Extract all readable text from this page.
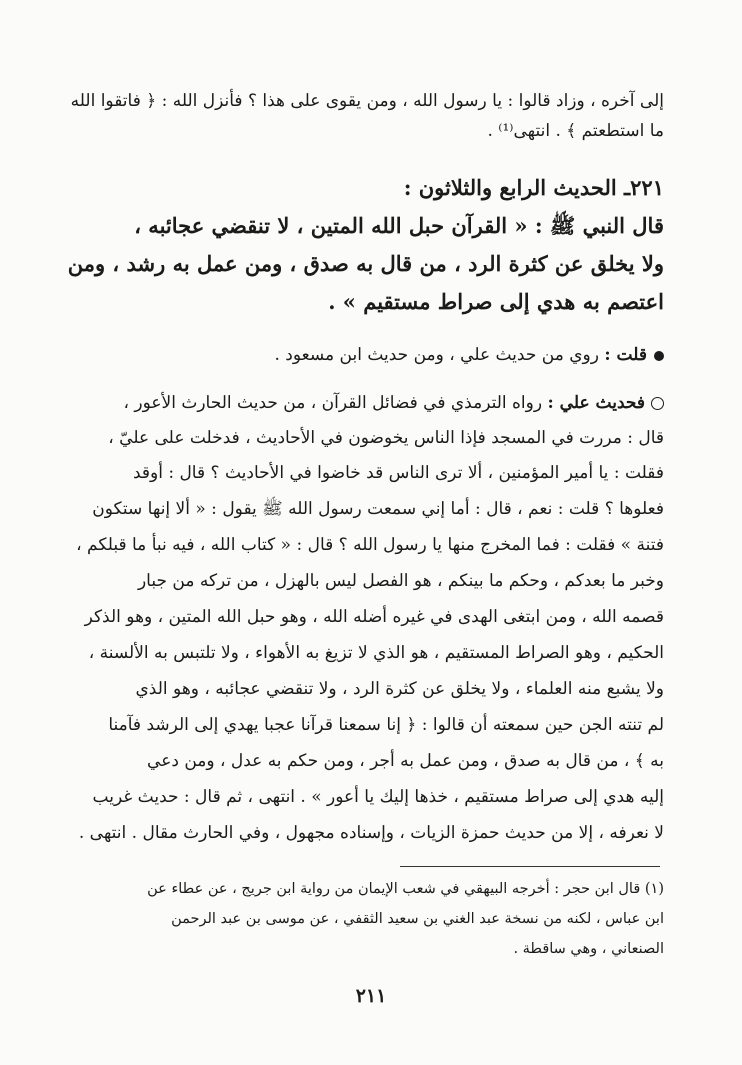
إلى آخره ، وزاد قالوا : يا رسول الله ، ومن يقوى على هذا ؟ فأنزل الله : ﴿ فاتقوا الله
ما استطعتم ﴾ . انتهى⁽¹⁾ .
٢٢١ـ الحديث الرابع والثلاثون :
قال النبي ﷺ : « القرآن حبل الله المتين ، لا تنقضي عجائبه ،
ولا يخلق عن كثرة الرد ، من قال به صدق ، ومن عمل به رشد ، ومن
اعتصم به هدي إلى صراط مستقيم » .
قلت : روي من حديث علي ، ومن حديث ابن مسعود .
فحديث علي : رواه الترمذي في فضائل القرآن ، من حديث الحارث الأعور ،
قال : مررت في المسجد فإذا الناس يخوضون في الأحاديث ، فدخلت على عليّ ،
فقلت : يا أمير المؤمنين ، ألا ترى الناس قد خاضوا في الأحاديث ؟ قال : أوقد
فعلوها ؟ قلت : نعم ، قال : أما إني سمعت رسول الله ﷺ يقول : « ألا إنها ستكون
فتنة » فقلت : فما المخرج منها يا رسول الله ؟ قال : « كتاب الله ، فيه نبأ ما قبلكم ،
وخبر ما بعدكم ، وحكم ما بينكم ، هو الفصل ليس بالهزل ، من تركه من جبار
قصمه الله ، ومن ابتغى الهدى في غيره أضله الله ، وهو حبل الله المتين ، وهو الذكر
الحكيم ، وهو الصراط المستقيم ، هو الذي لا تزيغ به الأهواء ، ولا تلتبس به الألسنة ،
ولا يشبع منه العلماء ، ولا يخلق عن كثرة الرد ، ولا تنقضي عجائبه ، وهو الذي
لم تنته الجن حين سمعته أن قالوا : ﴿ إنا سمعنا قرآنا عجبا يهدي إلى الرشد فآمنا
به ﴾ ، من قال به صدق ، ومن عمل به أجر ، ومن حكم به عدل ، ومن دعي
إليه هدي إلى صراط مستقيم ، خذها إليك يا أعور » . انتهى ، ثم قال : حديث غريب
لا نعرفه ، إلا من حديث حمزة الزيات ، وإسناده مجهول ، وفي الحارث مقال . انتهى .
(١) قال ابن حجر : أخرجه البيهقي في شعب الإيمان من رواية ابن جريج ، عن عطاء عن
ابن عباس ، لكنه من نسخة عبد الغني بن سعيد الثقفي ، عن موسى بن عبد الرحمن
الصنعاني ، وهي ساقطة .
٢١١
